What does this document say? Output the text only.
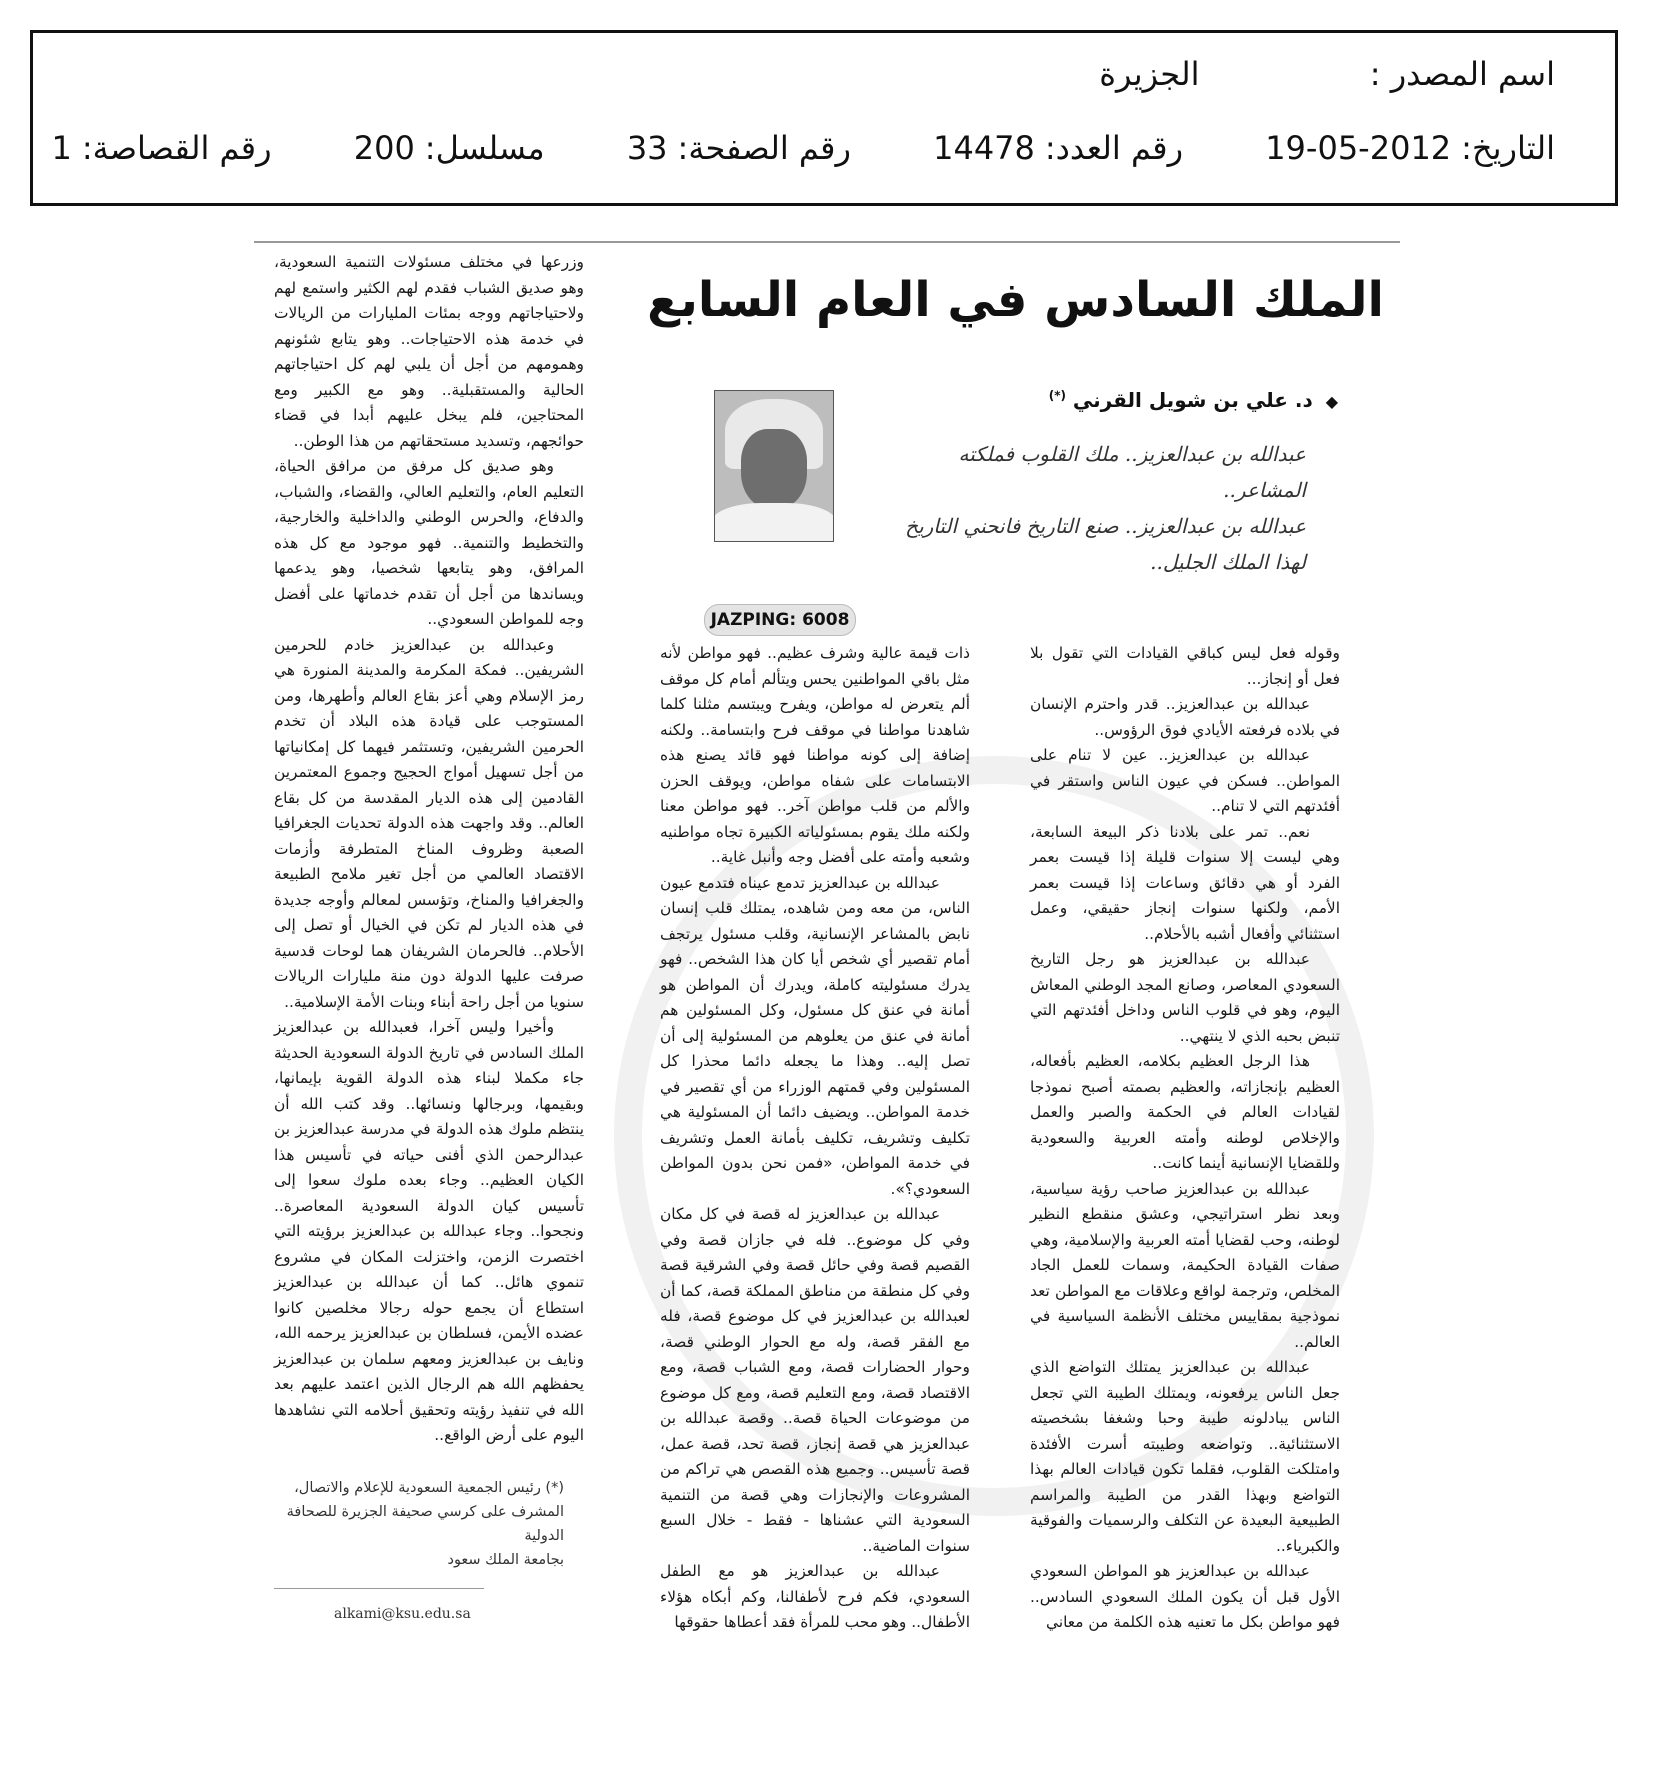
اسم المصدر : الجزيرة
التاريخ:2012-05-19 رقم العدد:14478 رقم الصفحة:33 مسلسل:200 رقم القصاصة:1
الملك السادس في العام السابع
◆ د. علي بن شويل القرني (*)

عبدالله بن عبدالعزيز.. ملك القلوب فملكته المشاعر..

عبدالله بن عبدالعزيز.. صنع التاريخ فانحني التاريخ لهذا الملك الجليل..

JAZPING: 6008

وقوله فعل ليس كباقي القيادات التي تقول بلا فعل أو إنجاز...

عبدالله بن عبدالعزيز.. قدر واحترم الإنسان في بلاده فرفعته الأيادي فوق الرؤوس..

عبدالله بن عبدالعزيز.. عين لا تنام على المواطن.. فسكن في عيون الناس واستقر في أفئدتهم التي لا تنام..

نعم.. تمر على بلادنا ذكر البيعة السابعة، وهي ليست إلا سنوات قليلة إذا قيست بعمر الفرد أو هي دقائق وساعات إذا قيست بعمر الأمم، ولكنها سنوات إنجاز حقيقي، وعمل استثنائي وأفعال أشبه بالأحلام..

عبدالله بن عبدالعزيز هو رجل التاريخ السعودي المعاصر، وصانع المجد الوطني المعاش اليوم، وهو في قلوب الناس وداخل أفئدتهم التي تنبض بحبه الذي لا ينتهي..

هذا الرجل العظيم بكلامه، العظيم بأفعاله، العظيم بإنجازاته، والعظيم بصمته أصبح نموذجا لقيادات العالم في الحكمة والصبر والعمل والإخلاص لوطنه وأمته العربية والسعودية وللقضايا الإنسانية أينما كانت..

عبدالله بن عبدالعزيز صاحب رؤية سياسية، وبعد نظر استراتيجي، وعشق منقطع النظير لوطنه، وحب لقضايا أمته العربية والإسلامية، وهي صفات القيادة الحكيمة، وسمات للعمل الجاد المخلص، وترجمة لواقع وعلاقات مع المواطن تعد نموذجية بمقاييس مختلف الأنظمة السياسية في العالم..

عبدالله بن عبدالعزيز يمتلك التواضع الذي جعل الناس يرفعونه، ويمتلك الطيبة التي تجعل الناس يبادلونه طيبة وحبا وشغفا بشخصيته الاستثنائية.. وتواضعه وطيبته أسرت الأفئدة وامتلكت القلوب، فقلما تكون قيادات العالم بهذا التواضع وبهذا القدر من الطيبة والمراسم الطبيعية البعيدة عن التكلف والرسميات والفوقية والكبرياء..

عبدالله بن عبدالعزيز هو المواطن السعودي الأول قبل أن يكون الملك السعودي السادس.. فهو مواطن بكل ما تعنيه هذه الكلمة من معاني

ذات قيمة عالية وشرف عظيم.. فهو مواطن لأنه مثل باقي المواطنين يحس ويتألم أمام كل موقف ألم يتعرض له مواطن، ويفرح ويبتسم مثلنا كلما شاهدنا مواطنا في موقف فرح وابتسامة.. ولكنه إضافة إلى كونه مواطنا فهو قائد يصنع هذه الابتسامات على شفاه مواطن، ويوقف الحزن والألم من قلب مواطن آخر.. فهو مواطن معنا ولكنه ملك يقوم بمسئولياته الكبيرة تجاه مواطنيه وشعبه وأمته على أفضل وجه وأنبل غاية..

عبدالله بن عبدالعزيز تدمع عيناه فتدمع عيون الناس، من معه ومن شاهده، يمتلك قلب إنسان نابض بالمشاعر الإنسانية، وقلب مسئول يرتجف أمام تقصير أي شخص أيا كان هذا الشخص.. فهو يدرك مسئوليته كاملة، ويدرك أن المواطن هو أمانة في عنق كل مسئول، وكل المسئولين هم أمانة في عنق من يعلوهم من المسئولية إلى أن تصل إليه.. وهذا ما يجعله دائما محذرا كل المسئولين وفي قمتهم الوزراء من أي تقصير في خدمة المواطن.. ويضيف دائما أن المسئولية هي تكليف وتشريف، تكليف بأمانة العمل وتشريف في خدمة المواطن، «فمن نحن بدون المواطن السعودي؟».

عبدالله بن عبدالعزيز له قصة في كل مكان وفي كل موضوع.. فله في جازان قصة وفي القصيم قصة وفي حائل قصة وفي الشرقية قصة وفي كل منطقة من مناطق المملكة قصة، كما أن لعبدالله بن عبدالعزيز في كل موضوع قصة، فله مع الفقر قصة، وله مع الحوار الوطني قصة، وحوار الحضارات قصة، ومع الشباب قصة، ومع الاقتصاد قصة، ومع التعليم قصة، ومع كل موضوع من موضوعات الحياة قصة.. وقصة عبدالله بن عبدالعزيز هي قصة إنجاز، قصة تحد، قصة عمل، قصة تأسيس.. وجميع هذه القصص هي تراكم من المشروعات والإنجازات وهي قصة من التنمية السعودية التي عشناها - فقط - خلال السبع سنوات الماضية..

عبدالله بن عبدالعزيز هو مع الطفل السعودي، فكم فرح لأطفالنا، وكم أبكاه هؤلاء الأطفال.. وهو محب للمرأة فقد أعطاها حقوقها

وزرعها في مختلف مسئولات التنمية السعودية، وهو صديق الشباب فقدم لهم الكثير واستمع لهم ولاحتياجاتهم ووجه بمئات المليارات من الريالات في خدمة هذه الاحتياجات.. وهو يتابع شئونهم وهمومهم من أجل أن يلبي لهم كل احتياجاتهم الحالية والمستقبلية.. وهو مع الكبير ومع المحتاجين، فلم يبخل عليهم أبدا في قضاء حوائجهم، وتسديد مستحقاتهم من هذا الوطن..

وهو صديق كل مرفق من مرافق الحياة، التعليم العام، والتعليم العالي، والقضاء، والشباب، والدفاع، والحرس الوطني والداخلية والخارجية، والتخطيط والتنمية.. فهو موجود مع كل هذه المرافق، وهو يتابعها شخصيا، وهو يدعمها ويساندها من أجل أن تقدم خدماتها على أفضل وجه للمواطن السعودي..

وعبدالله بن عبدالعزيز خادم للحرمين الشريفين.. فمكة المكرمة والمدينة المنورة هي رمز الإسلام وهي أعز بقاع العالم وأطهرها، ومن المستوجب على قيادة هذه البلاد أن تخدم الحرمين الشريفين، وتستثمر فيهما كل إمكانياتها من أجل تسهيل أمواج الحجيج وجموع المعتمرين القادمين إلى هذه الديار المقدسة من كل بقاع العالم.. وقد واجهت هذه الدولة تحديات الجغرافيا الصعبة وظروف المناخ المتطرفة وأزمات الاقتصاد العالمي من أجل تغير ملامح الطبيعة والجغرافيا والمناخ، وتؤسس لمعالم وأوجه جديدة في هذه الديار لم تكن في الخيال أو تصل إلى الأحلام.. فالحرمان الشريفان هما لوحات قدسية صرفت عليها الدولة دون منة مليارات الريالات سنويا من أجل راحة أبناء وبنات الأمة الإسلامية..

وأخيرا وليس آخرا، فعبدالله بن عبدالعزيز الملك السادس في تاريخ الدولة السعودية الحديثة جاء مكملا لبناء هذه الدولة القوية بإيمانها، وبقيمها، وبرجالها ونسائها.. وقد كتب الله أن ينتظم ملوك هذه الدولة في مدرسة عبدالعزيز بن عبدالرحمن الذي أفنى حياته في تأسيس هذا الكيان العظيم.. وجاء بعده ملوك سعوا إلى تأسيس كيان الدولة السعودية المعاصرة.. ونجحوا.. وجاء عبدالله بن عبدالعزيز برؤيته التي اختصرت الزمن، واختزلت المكان في مشروع تنموي هائل.. كما أن عبدالله بن عبدالعزيز استطاع أن يجمع حوله رجالا مخلصين كانوا عضده الأيمن، فسلطان بن عبدالعزيز يرحمه الله، ونايف بن عبدالعزيز ومعهم سلمان بن عبدالعزيز يحفظهم الله هم الرجال الذين اعتمد عليهم بعد الله في تنفيذ رؤيته وتحقيق أحلامه التي نشاهدها اليوم على أرض الواقع..

(*) رئيس الجمعية السعودية للإعلام والاتصال،
المشرف على كرسي صحيفة الجزيرة للصحافة الدولية
بجامعة الملك سعود
alkami@ksu.edu.sa
